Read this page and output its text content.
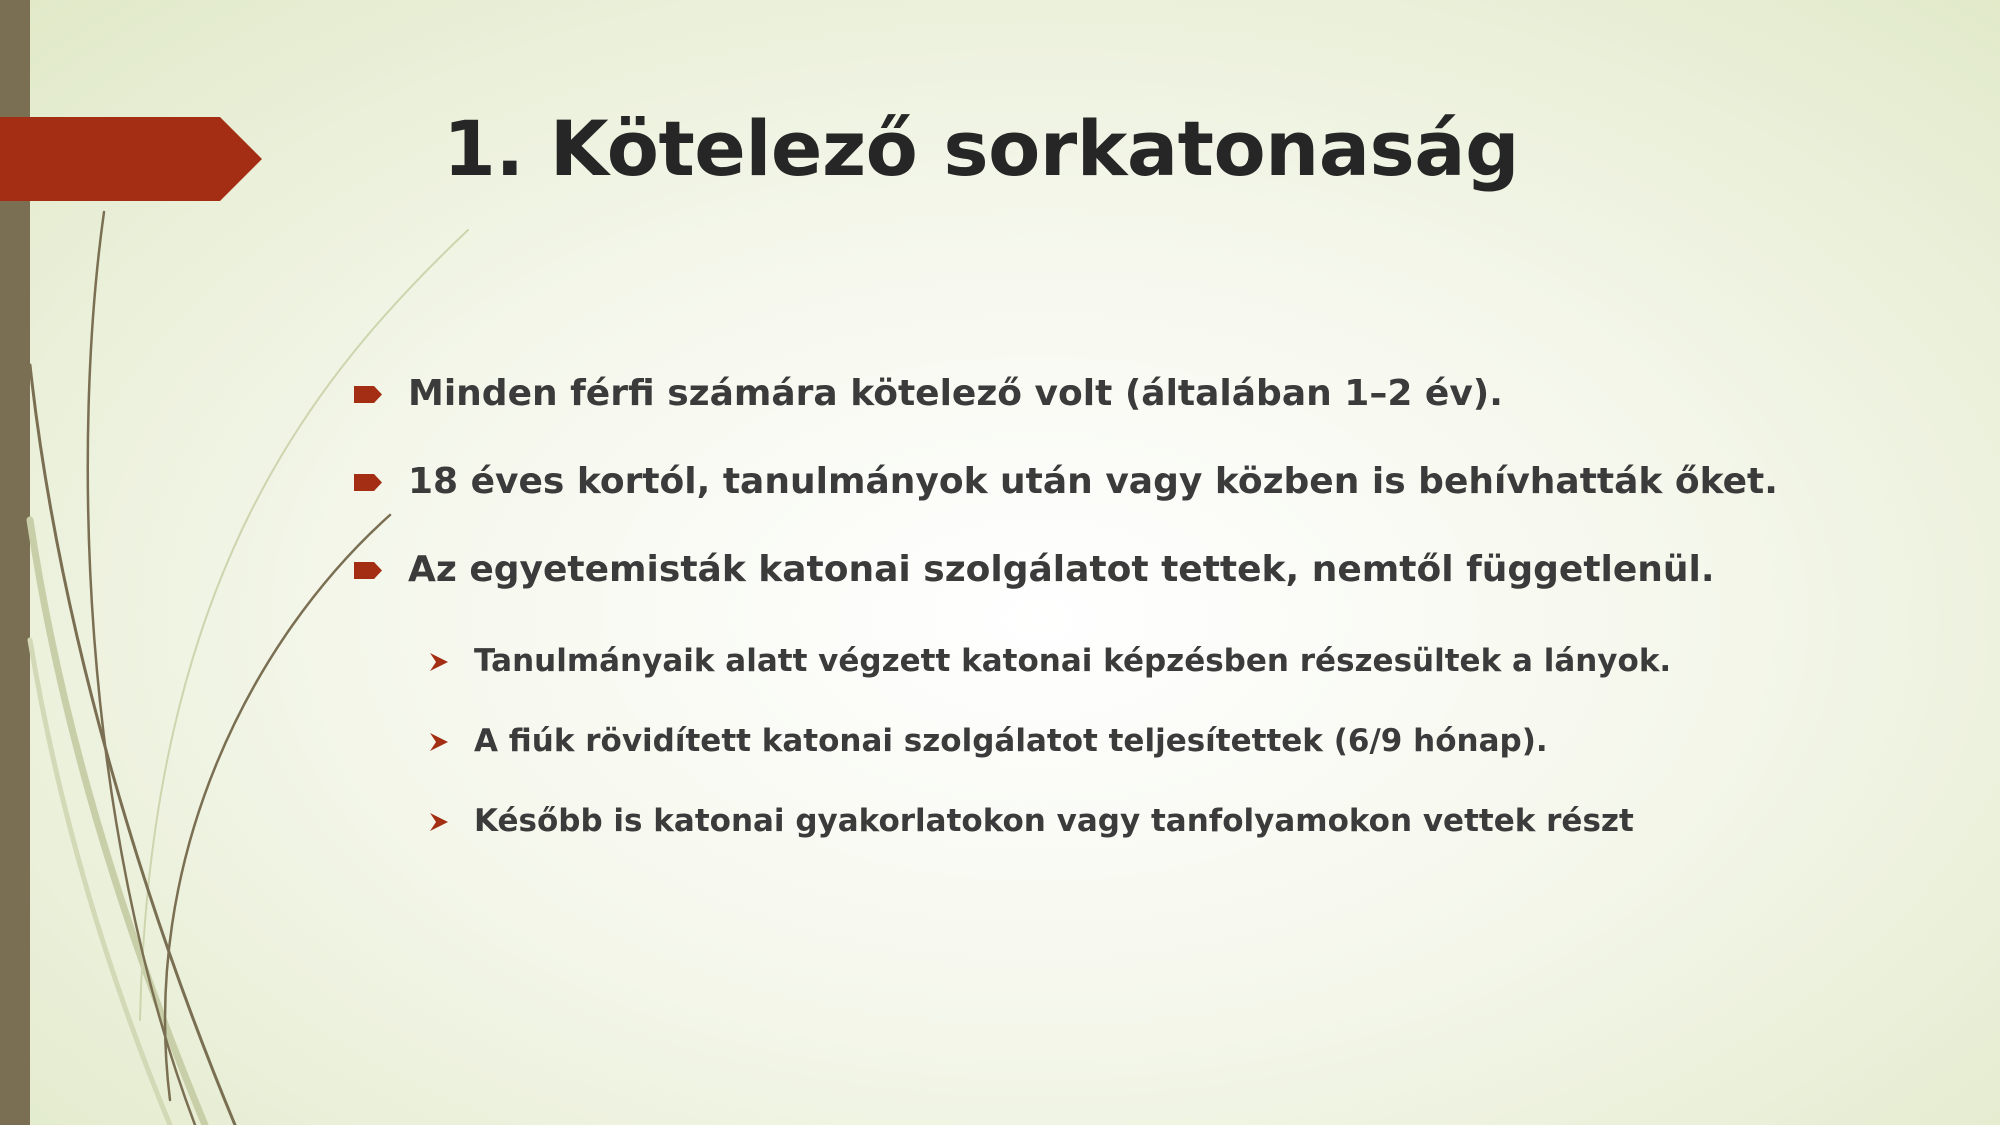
1. Kötelező sorkatonaság
Minden férfi számára kötelező volt (általában 1–2 év).
18 éves kortól, tanulmányok után vagy közben is behívhatták őket.
Az egyetemisták katonai szolgálatot tettek, nemtől függetlenül.
Tanulmányaik alatt végzett katonai képzésben részesültek a lányok.
A fiúk rövidített katonai szolgálatot teljesítettek (6/9 hónap).
Később is katonai gyakorlatokon vagy tanfolyamokon vettek részt
